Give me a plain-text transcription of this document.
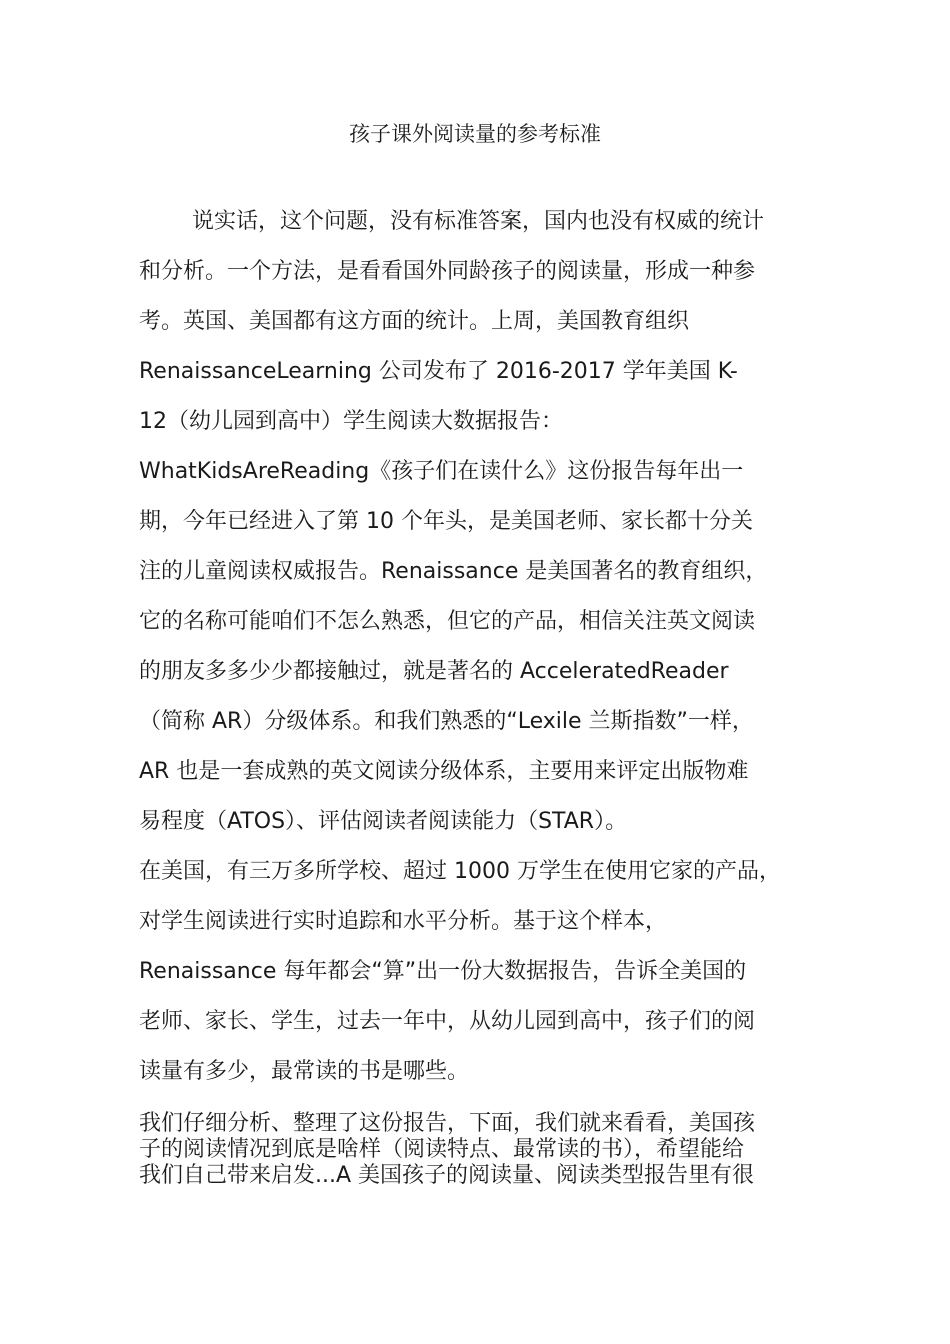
孩子课外阅读量的参考标准
说实话，这个问题，没有标准答案，国内也没有权威的统计
和分析。一个方法，是看看国外同龄孩子的阅读量，形成一种参
考。英国、美国都有这方面的统计。上周，美国教育组织
RenaissanceLearning 公司发布了 2016-2017 学年美国 K-
12（幼儿园到高中）学生阅读大数据报告：
WhatKidsAreReading《孩子们在读什么》这份报告每年出一
期，今年已经进入了第 10 个年头，是美国老师、家长都十分关
注的儿童阅读权威报告。Renaissance 是美国著名的教育组织，
它的名称可能咱们不怎么熟悉，但它的产品，相信关注英文阅读
的朋友多多少少都接触过，就是著名的 AcceleratedReader
（简称 AR）分级体系。和我们熟悉的“Lexile 兰斯指数”一样，
AR 也是一套成熟的英文阅读分级体系，主要用来评定出版物难
易程度（ATOS）、评估阅读者阅读能力（STAR）。
在美国，有三万多所学校、超过 1000 万学生在使用它家的产品，
对学生阅读进行实时追踪和水平分析。基于这个样本，
Renaissance 每年都会“算”出一份大数据报告，告诉全美国的
老师、家长、学生，过去一年中，从幼儿园到高中，孩子们的阅
读量有多少，最常读的书是哪些。
我们仔细分析、整理了这份报告，下面，我们就来看看，美国孩
子的阅读情况到底是啥样（阅读特点、最常读的书），希望能给
我们自己带来启发...A 美国孩子的阅读量、阅读类型报告里有很
